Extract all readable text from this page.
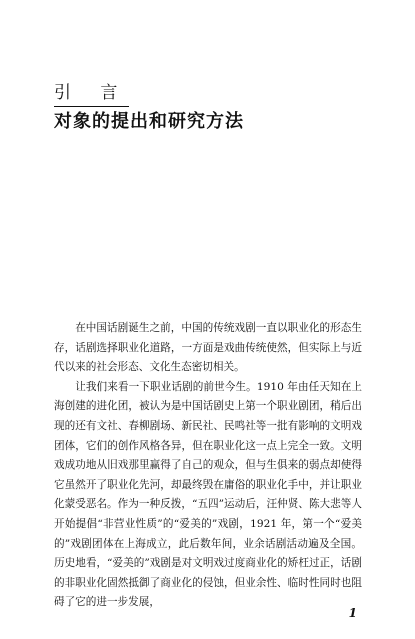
引 言
对象的提出和研究方法

在中国话剧诞生之前，中国的传统戏剧一直以职业化的形态生存，话剧选择职业化道路，一方面是戏曲传统使然，但实际上与近代以来的社会形态、文化生态密切相关。

让我们来看一下职业话剧的前世今生。1910 年由任天知在上海创建的进化团，被认为是中国话剧史上第一个职业剧团，稍后出现的还有文社、春柳剧场、新民社、民鸣社等一批有影响的文明戏团体，它们的创作风格各异，但在职业化这一点上完全一致。文明戏成功地从旧戏那里赢得了自己的观众，但与生俱来的弱点却使得它虽然开了职业化先河，却最终毁在庸俗的职业化手中，并让职业化蒙受恶名。作为一种反拨，“五四”运动后，汪仲贤、陈大悲等人开始提倡“非营业性质”的“爱美的”戏剧，1921 年，第一个“爱美的”戏剧团体在上海成立，此后数年间，业余话剧活动遍及全国。历史地看，“爱美的”戏剧是对文明戏过度商业化的矫枉过正，话剧的非职业化固然抵御了商业化的侵蚀，但业余性、临时性同时也阻碍了它的进一步发展，

1
